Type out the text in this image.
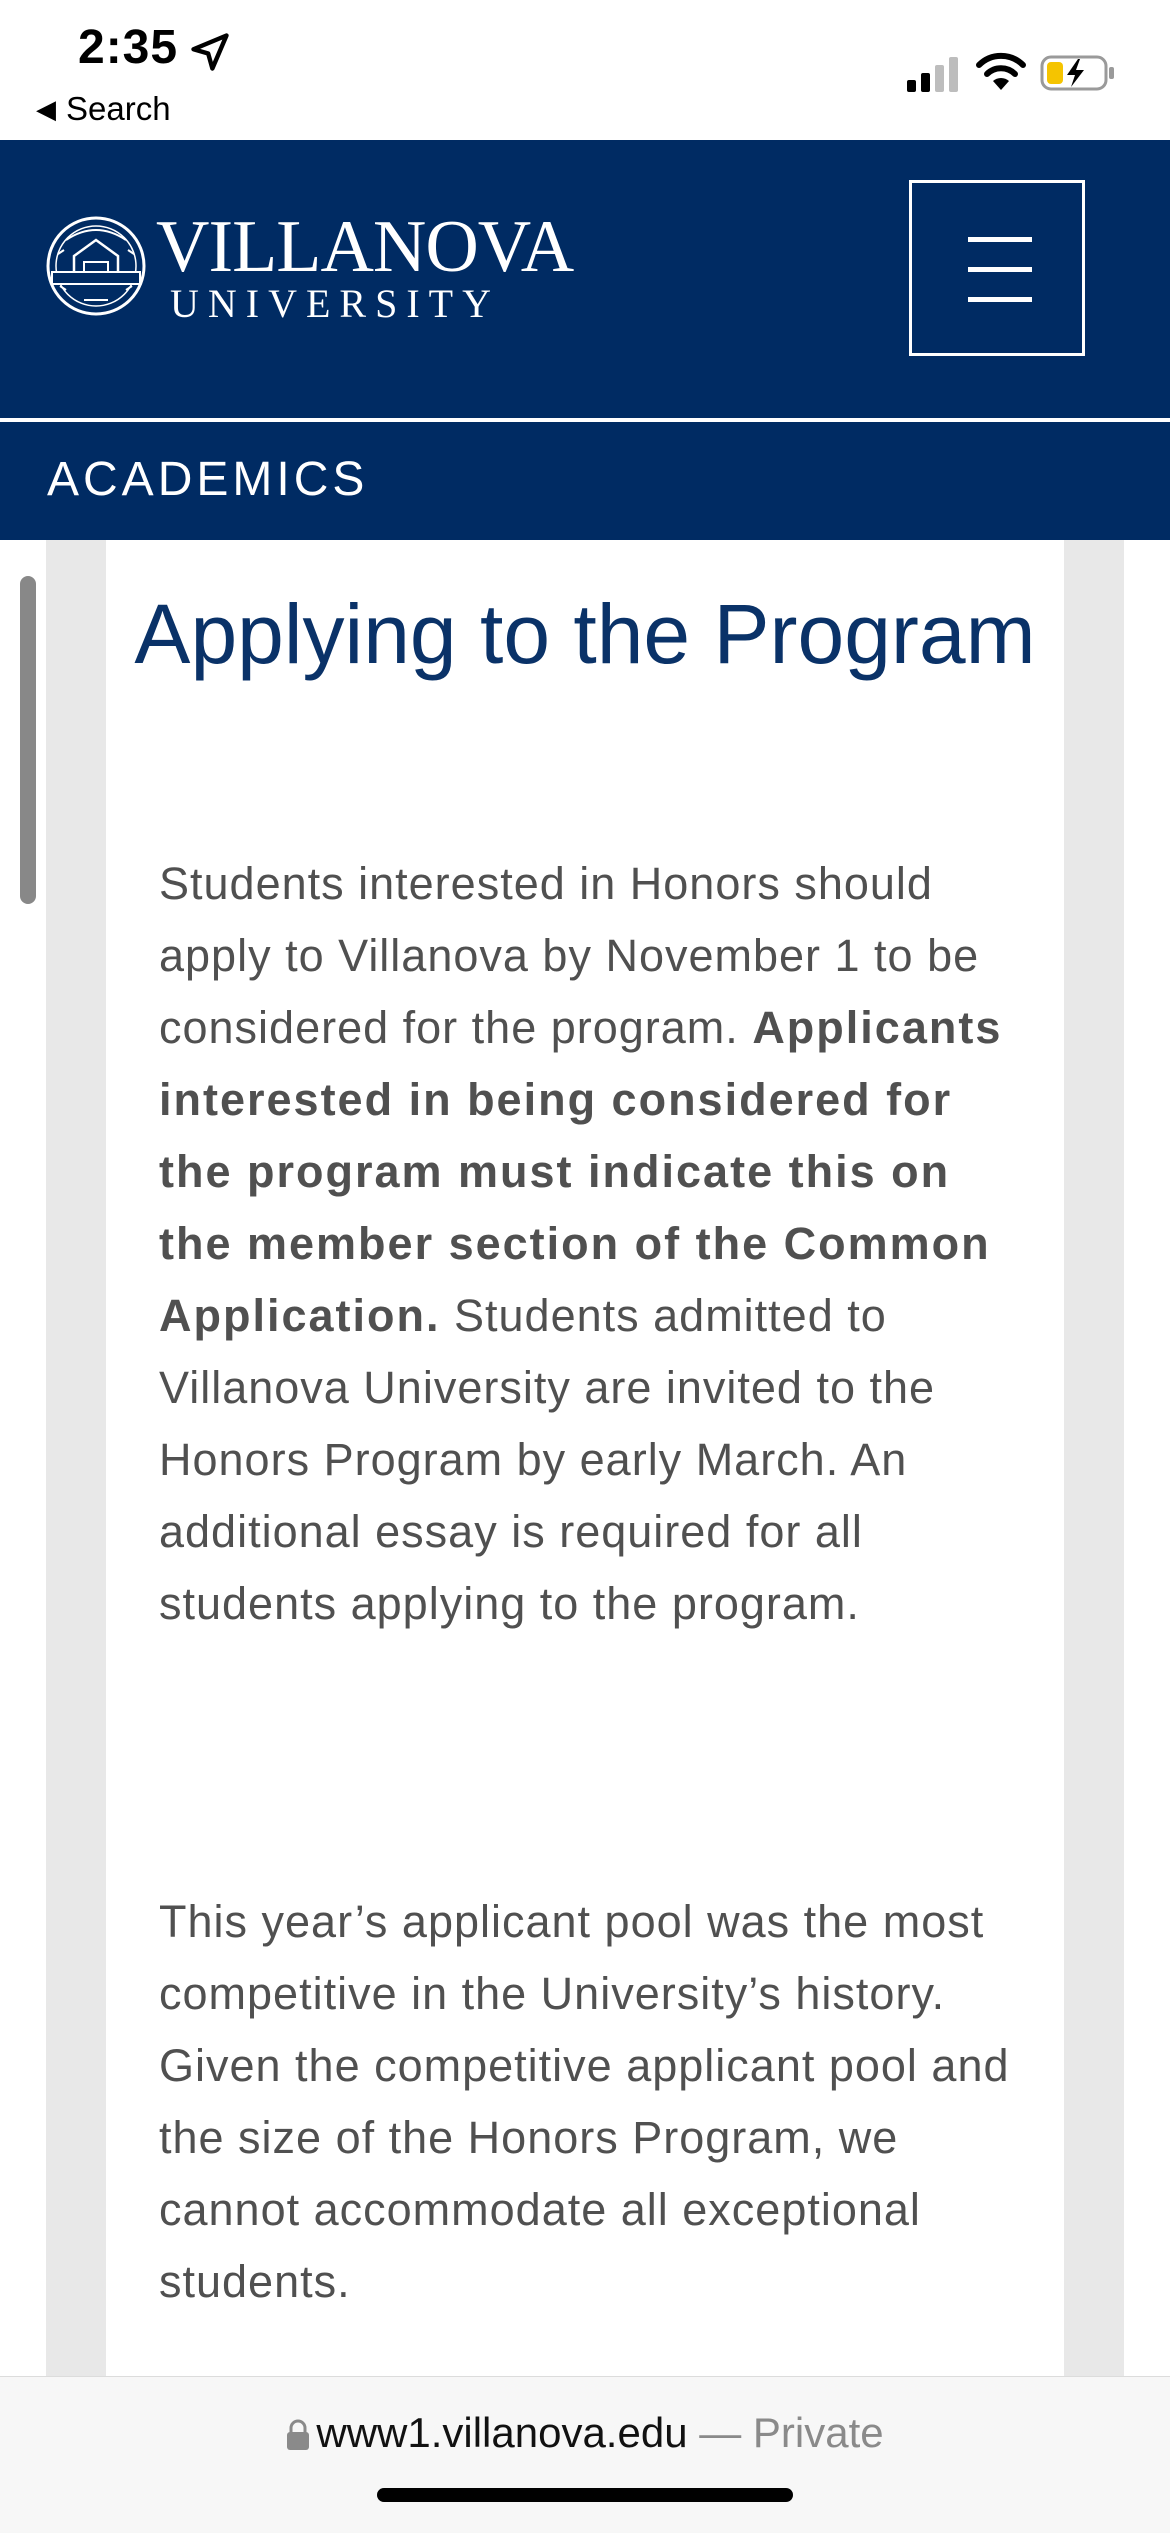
2:35
◀ Search
VILLANOVA
UNIVERSITY
ACADEMICS
Applying to the Program

Students interested in Honors should apply to Villanova by November 1 to be considered for the program. Applicants interested in being considered for the program must indicate this on the member section of the Common Application. Students admitted to Villanova University are invited to the Honors Program by early March. An additional essay is required for all students applying to the program.

This year’s applicant pool was the most competitive in the University’s history. Given the competitive applicant pool and the size of the Honors Program, we cannot accommodate all exceptional students.

www1.villanova.edu — Private
